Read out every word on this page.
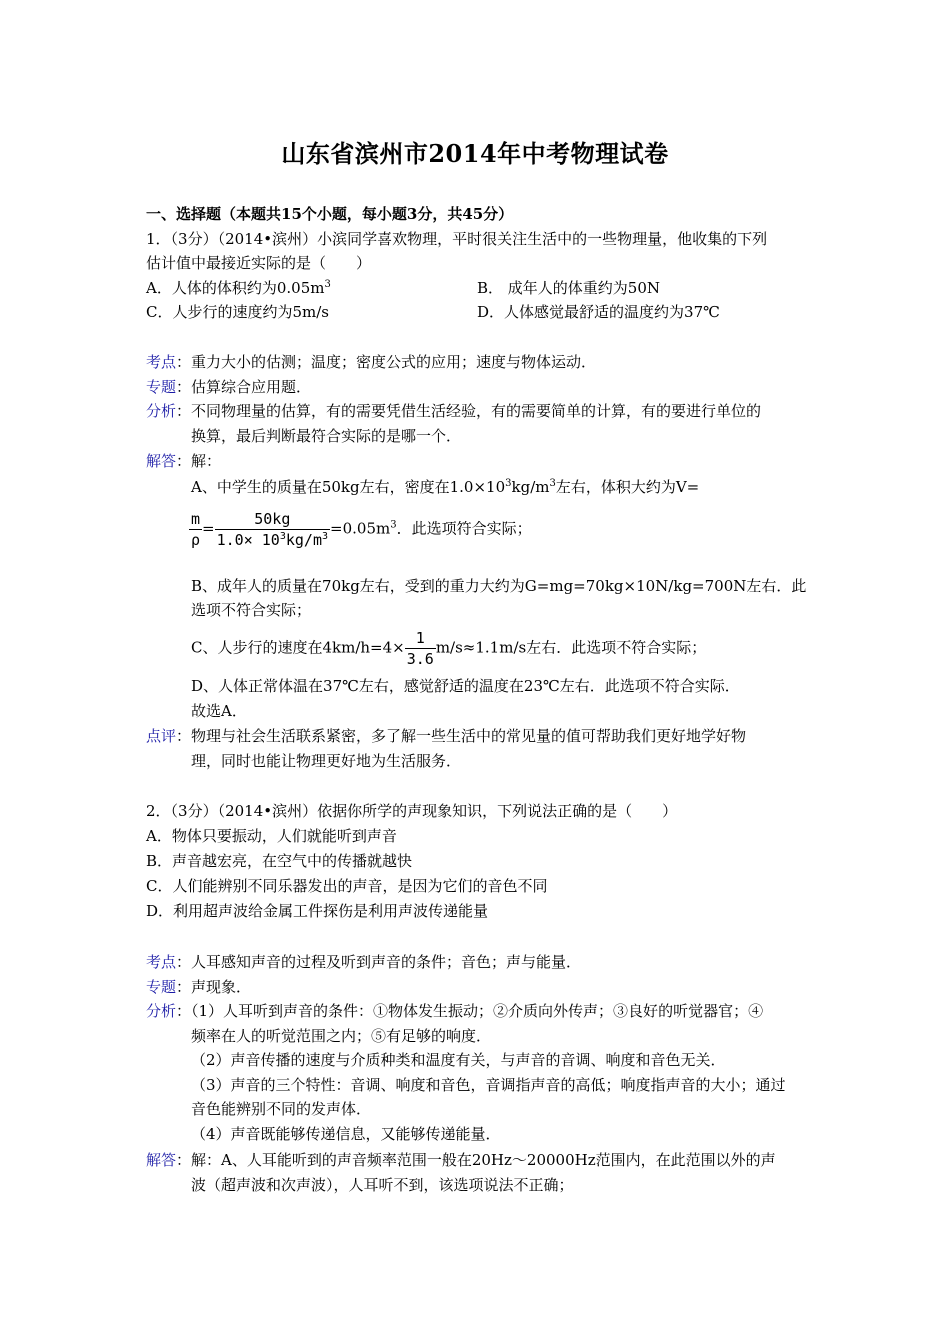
山东省滨州市2014年中考物理试卷
一、选择题（本题共15个小题，每小题3分，共45分）
1．（3分）（2014•滨州）小滨同学喜欢物理，平时很关注生活中的一些物理量，他收集的下列
估计值中最接近实际的是（　　）
A．人体的体积约为$0.05m^3$	B． 成年人的体重约为50N
C．人步行的速度约为5m/s	D．人体感觉最舒适的温度约为37℃
考点：重力大小的估测；温度；密度公式的应用；速度与物体运动．
专题：估算综合应用题．
分析：不同物理量的估算，有的需要凭借生活经验，有的需要简单的计算，有的要进行单位的
换算，最后判断最符合实际的是哪一个．
解答：解：
A、中学生的质量在50kg左右，密度在$1.0\times 10^3kg/m^3$左右，体积大约为V=
$\frac{m}{\rho} = \frac{50kg}{1.0\times 10^3kg/m^3} =0.05m^3$．此选项符合实际；
B、成年人的质量在70kg左右，受到的重力大约为G=mg=70kg×10N/kg=700N左右．此
选项不符合实际；
C、人步行的速度在$4km/h=4\times \frac{1}{3.6} m/s\approx 1.1m/s$左右．此选项不符合实际；
D、人体正常体温在37℃左右，感觉舒适的温度在23℃左右．此选项不符合实际．
故选A．
点评：物理与社会生活联系紧密，多了解一些生活中的常见量的值可帮助我们更好地学好物
理，同时也能让物理更好地为生活服务．
2．（3分）（2014•滨州）依据你所学的声现象知识，下列说法正确的是（　　）
A．物体只要振动，人们就能听到声音
B．声音越宏亮，在空气中的传播就越快
C．人们能辨别不同乐器发出的声音，是因为它们的音色不同
D．利用超声波给金属工件探伤是利用声波传递能量
考点：人耳感知声音的过程及听到声音的条件；音色；声与能量．
专题：声现象．
分析：（1）人耳听到声音的条件：①物体发生振动；②介质向外传声；③良好的听觉器官；④
频率在人的听觉范围之内；⑤有足够的响度．
（2）声音传播的速度与介质种类和温度有关，与声音的音调、响度和音色无关．
（3）声音的三个特性：音调、响度和音色，音调指声音的高低；响度指声音的大小；通过
音色能辨别不同的发声体．
（4）声音既能够传递信息，又能够传递能量．
解答：解：A、人耳能听到的声音频率范围一般在20Hz～20000Hz范围内，在此范围以外的声
波（超声波和次声波），人耳听不到，该选项说法不正确；
